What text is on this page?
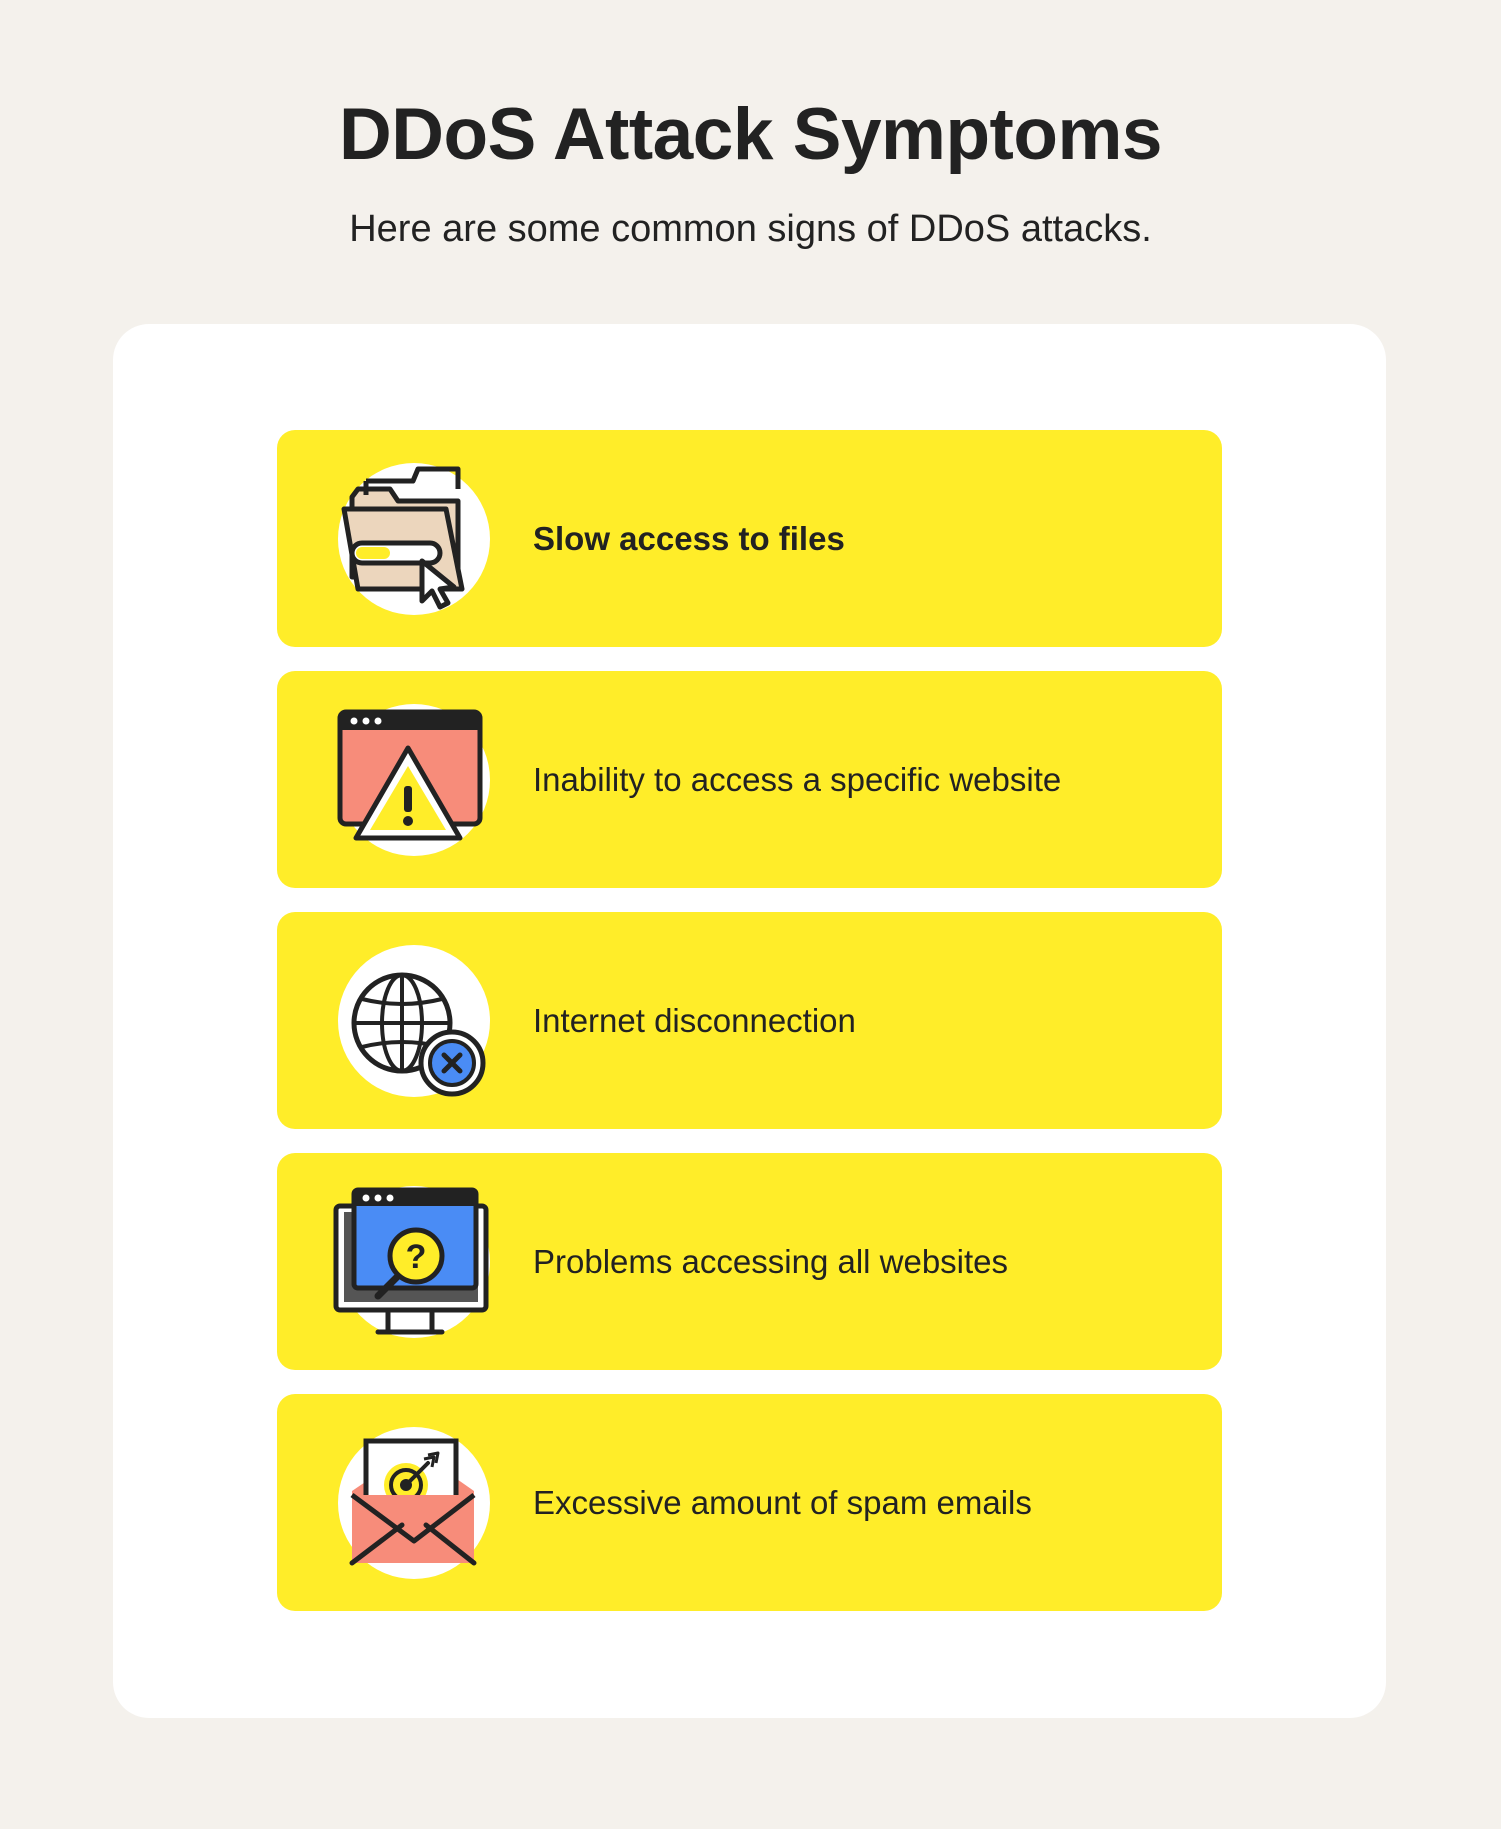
DDoS Attack Symptoms

Here are some common signs of DDoS attacks.

Slow access to files
Inability to access a specific website
Internet disconnection
?	Problems accessing all websites
Excessive amount of spam emails
